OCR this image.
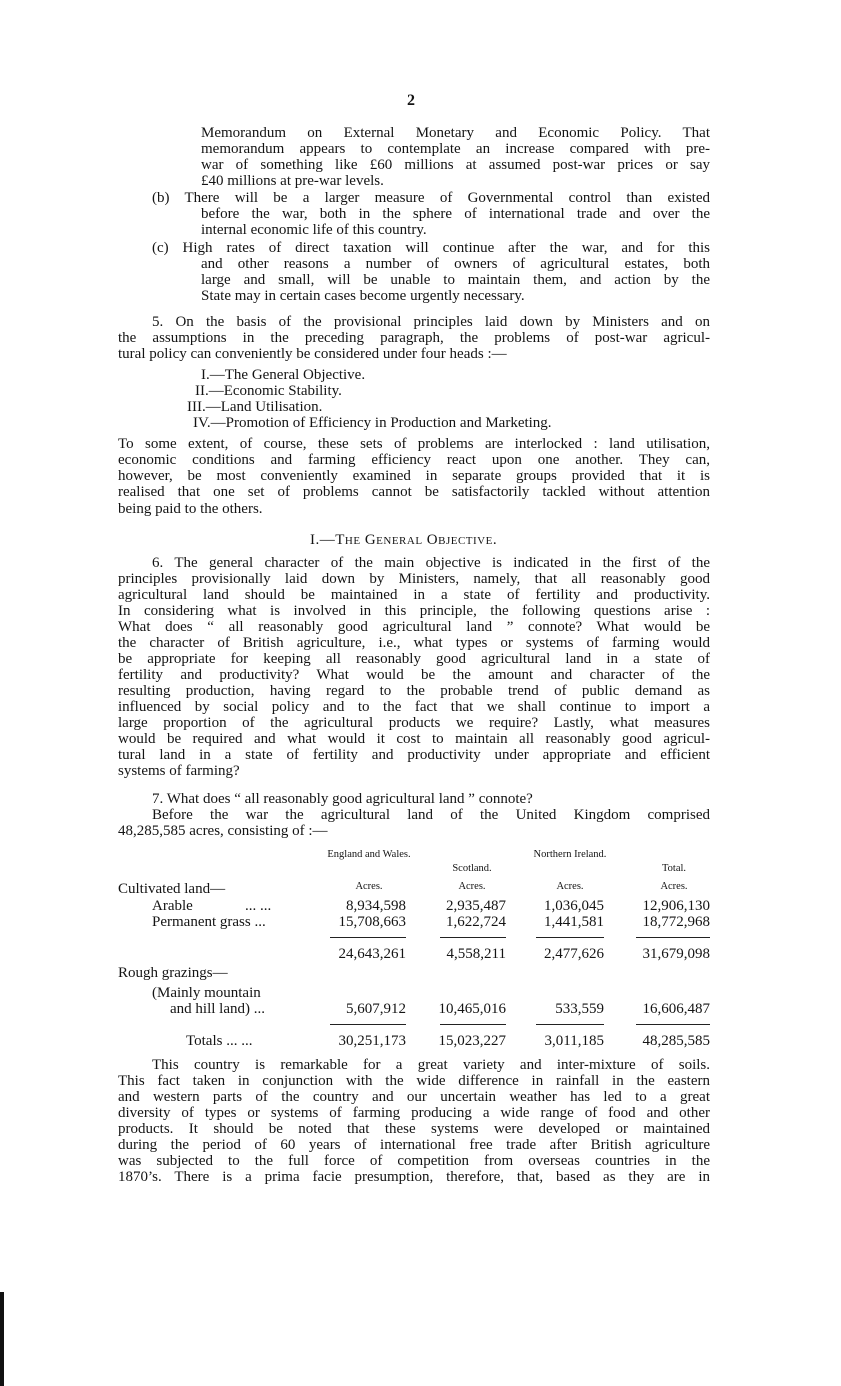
2
Memorandum on External Monetary and Economic Policy. That
memorandum appears to contemplate an increase compared with pre-
war of something like £60 millions at assumed post-war prices or say
£40 millions at pre-war levels.
(b) There will be a larger measure of Governmental control than existed
before the war, both in the sphere of international trade and over the
internal economic life of this country.
(c) High rates of direct taxation will continue after the war, and for this
and other reasons a number of owners of agricultural estates, both
large and small, will be unable to maintain them, and action by the
State may in certain cases become urgently necessary.
5. On the basis of the provisional principles laid down by Ministers and on
the assumptions in the preceding paragraph, the problems of post-war agricul-
tural policy can conveniently be considered under four heads :—
I.—The General Objective.
II.—Economic Stability.
III.—Land Utilisation.
IV.—Promotion of Efficiency in Production and Marketing.
To some extent, of course, these sets of problems are interlocked : land utilisation,
economic conditions and farming efficiency react upon one another. They can,
however, be most conveniently examined in separate groups provided that it is
realised that one set of problems cannot be satisfactorily tackled without attention
being paid to the others.
I.—The General Objective.
6. The general character of the main objective is indicated in the first of the
principles provisionally laid down by Ministers, namely, that all reasonably good
agricultural land should be maintained in a state of fertility and productivity.
In considering what is involved in this principle, the following questions arise :
What does “ all reasonably good agricultural land ” connote? What would be
the character of British agriculture, i.e., what types or systems of farming would
be appropriate for keeping all reasonably good agricultural land in a state of
fertility and productivity? What would be the amount and character of the
resulting production, having regard to the probable trend of public demand as
influenced by social policy and to the fact that we shall continue to import a
large proportion of the agricultural products we require? Lastly, what measures
would be required and what would it cost to maintain all reasonably good agricul-
tural land in a state of fertility and productivity under appropriate and efficient
systems of farming?
7. What does “ all reasonably good agricultural land ” connote?
Before the war the agricultural land of the United Kingdom comprised
48,285,585 acres, consisting of :—
England and Wales.
Scotland.
Northern Ireland.
Total.
Acres.	Acres.	Acres.	Acres.
Cultivated land—
Arable	... ...	8,934,598	2,935,487	1,036,045	12,906,130
Permanent grass ...	15,708,663	1,622,724	1,441,581	18,772,968
24,643,261	4,558,211	2,477,626	31,679,098
Rough grazings—
(Mainly mountain
and hill land) ...	5,607,912	10,465,016	533,559	16,606,487
Totals ... ...	30,251,173	15,023,227	3,011,185	48,285,585
This country is remarkable for a great variety and inter-mixture of soils.
This fact taken in conjunction with the wide difference in rainfall in the eastern
and western parts of the country and our uncertain weather has led to a great
diversity of types or systems of farming producing a wide range of food and other
products. It should be noted that these systems were developed or maintained
during the period of 60 years of international free trade after British agriculture
was subjected to the full force of competition from overseas countries in the
1870’s. There is a prima facie presumption, therefore, that, based as they are in
